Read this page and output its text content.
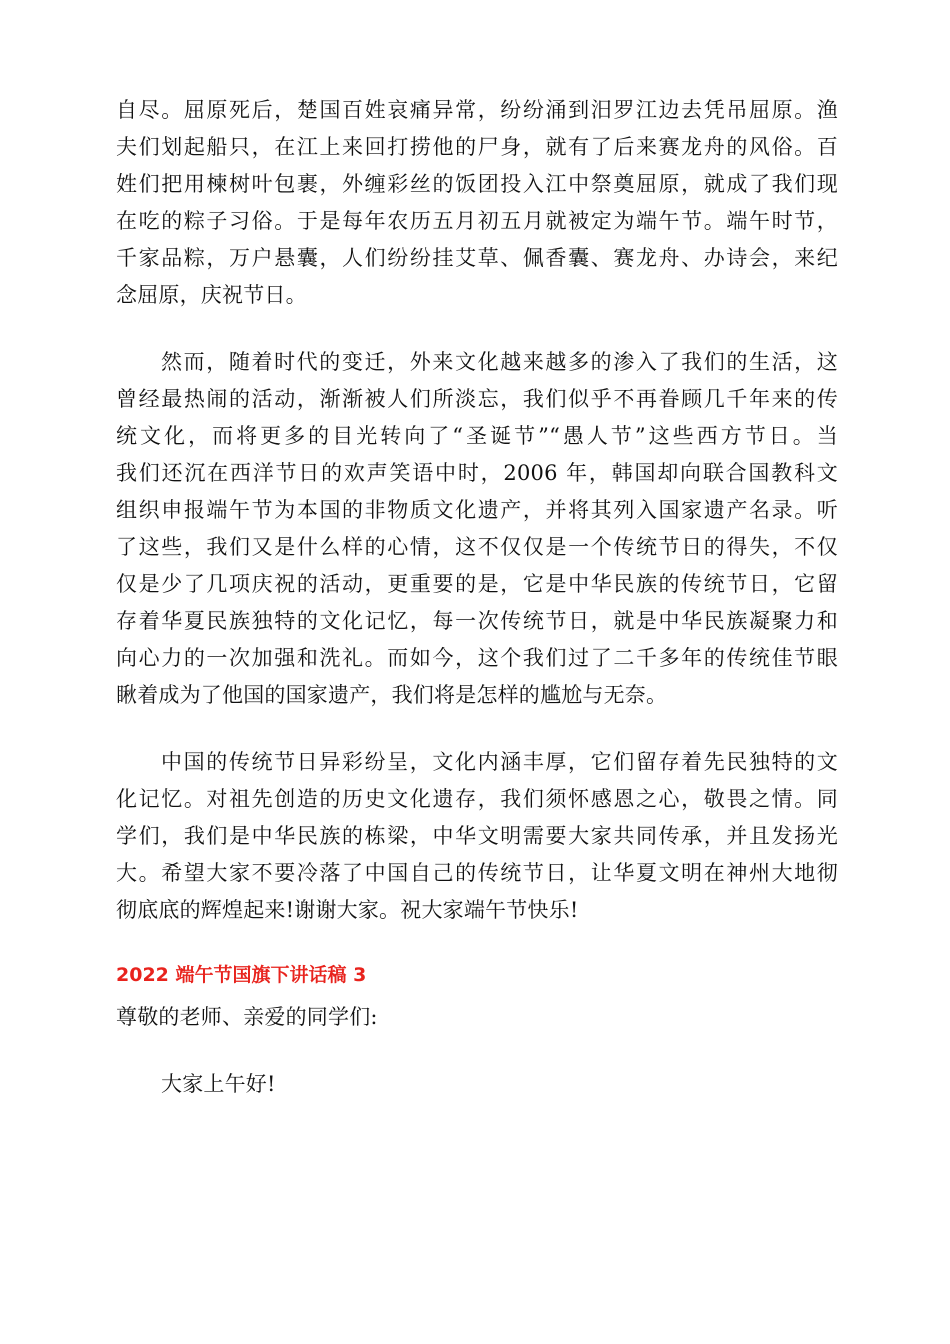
自尽。屈原死后，楚国百姓哀痛异常，纷纷涌到汨罗江边去凭吊屈原。渔
夫们划起船只，在江上来回打捞他的尸身，就有了后来赛龙舟的风俗。百
姓们把用楝树叶包裹，外缠彩丝的饭团投入江中祭奠屈原，就成了我们现
在吃的粽子习俗。于是每年农历五月初五月就被定为端午节。端午时节，
千家品粽，万户悬囊，人们纷纷挂艾草、佩香囊、赛龙舟、办诗会，来纪
念屈原，庆祝节日。
然而，随着时代的变迁，外来文化越来越多的渗入了我们的生活，这
曾经最热闹的活动，渐渐被人们所淡忘，我们似乎不再眷顾几千年来的传
统文化，而将更多的目光转向了“圣诞节”“愚人节”这些西方节日。当
我们还沉在西洋节日的欢声笑语中时，2006 年，韩国却向联合国教科文
组织申报端午节为本国的非物质文化遗产，并将其列入国家遗产名录。听
了这些，我们又是什么样的心情，这不仅仅是一个传统节日的得失，不仅
仅是少了几项庆祝的活动，更重要的是，它是中华民族的传统节日，它留
存着华夏民族独特的文化记忆，每一次传统节日，就是中华民族凝聚力和
向心力的一次加强和洗礼。而如今，这个我们过了二千多年的传统佳节眼
瞅着成为了他国的国家遗产，我们将是怎样的尴尬与无奈。
中国的传统节日异彩纷呈，文化内涵丰厚，它们留存着先民独特的文
化记忆。对祖先创造的历史文化遗存，我们须怀感恩之心，敬畏之情。同
学们，我们是中华民族的栋梁，中华文明需要大家共同传承，并且发扬光
大。希望大家不要冷落了中国自己的传统节日，让华夏文明在神州大地彻
彻底底的辉煌起来!谢谢大家。祝大家端午节快乐!
2022 端午节国旗下讲话稿 3
尊敬的老师、亲爱的同学们:
大家上午好!
